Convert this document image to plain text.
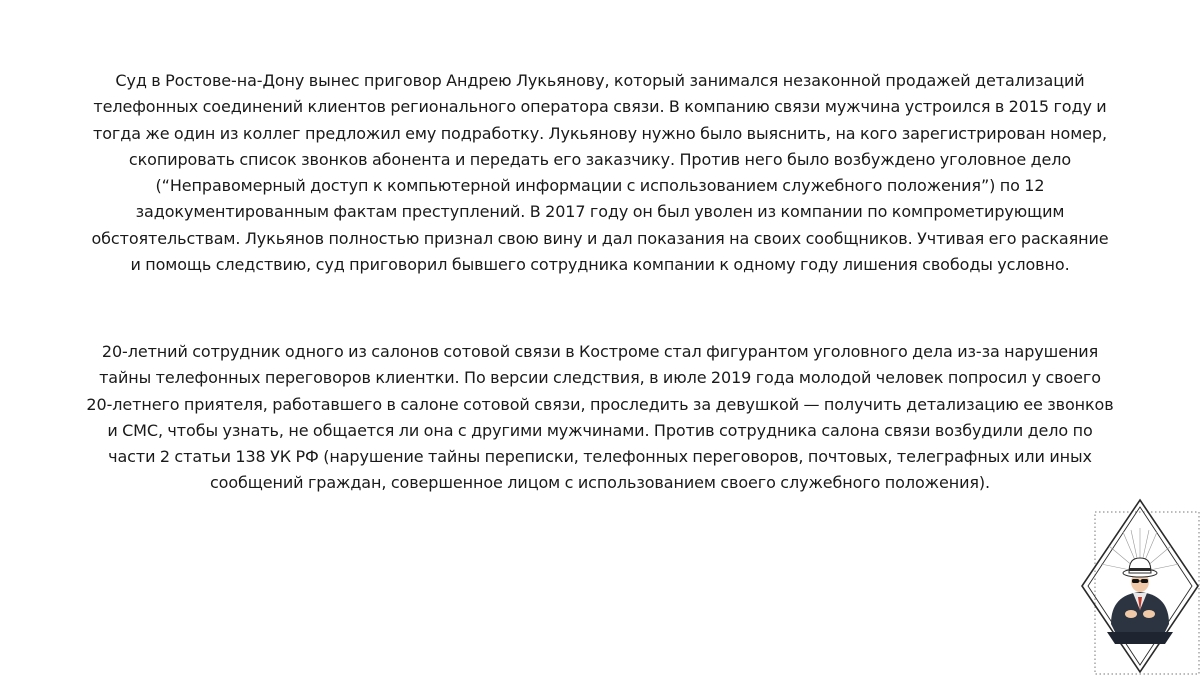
Суд в Ростове-на-Дону вынес приговор Андрею Лукьянову, который занимался незаконной продажей детализаций
телефонных соединений клиентов регионального оператора связи. В компанию связи мужчина устроился в 2015 году и
тогда же один из коллег предложил ему подработку. Лукьянову нужно было выяснить, на кого зарегистрирован номер,
скопировать список звонков абонента и передать его заказчику. Против него было возбуждено уголовное дело
(“Неправомерный доступ к компьютерной информации с использованием служебного положения”) по 12
задокументированным фактам преступлений. В 2017 году он был уволен из компании по компрометирующим
обстоятельствам. Лукьянов полностью признал свою вину и дал показания на своих сообщников. Учтивая его раскаяние
и помощь следствию, суд приговорил бывшего сотрудника компании к одному году лишения свободы условно.

20-летний сотрудник одного из салонов сотовой связи в Костроме стал фигурантом уголовного дела из-за нарушения
тайны телефонных переговоров клиентки. По версии следствия, в июле 2019 года молодой человек попросил у своего
20-летнего приятеля, работавшего в салоне сотовой связи, проследить за девушкой — получить детализацию ее звонков
и СМС, чтобы узнать, не общается ли она с другими мужчинами. Против сотрудника салона связи возбудили дело по
части 2 статьи 138 УК РФ (нарушение тайны переписки, телефонных переговоров, почтовых, телеграфных или иных
сообщений граждан, совершенное лицом с использованием своего служебного положения).
